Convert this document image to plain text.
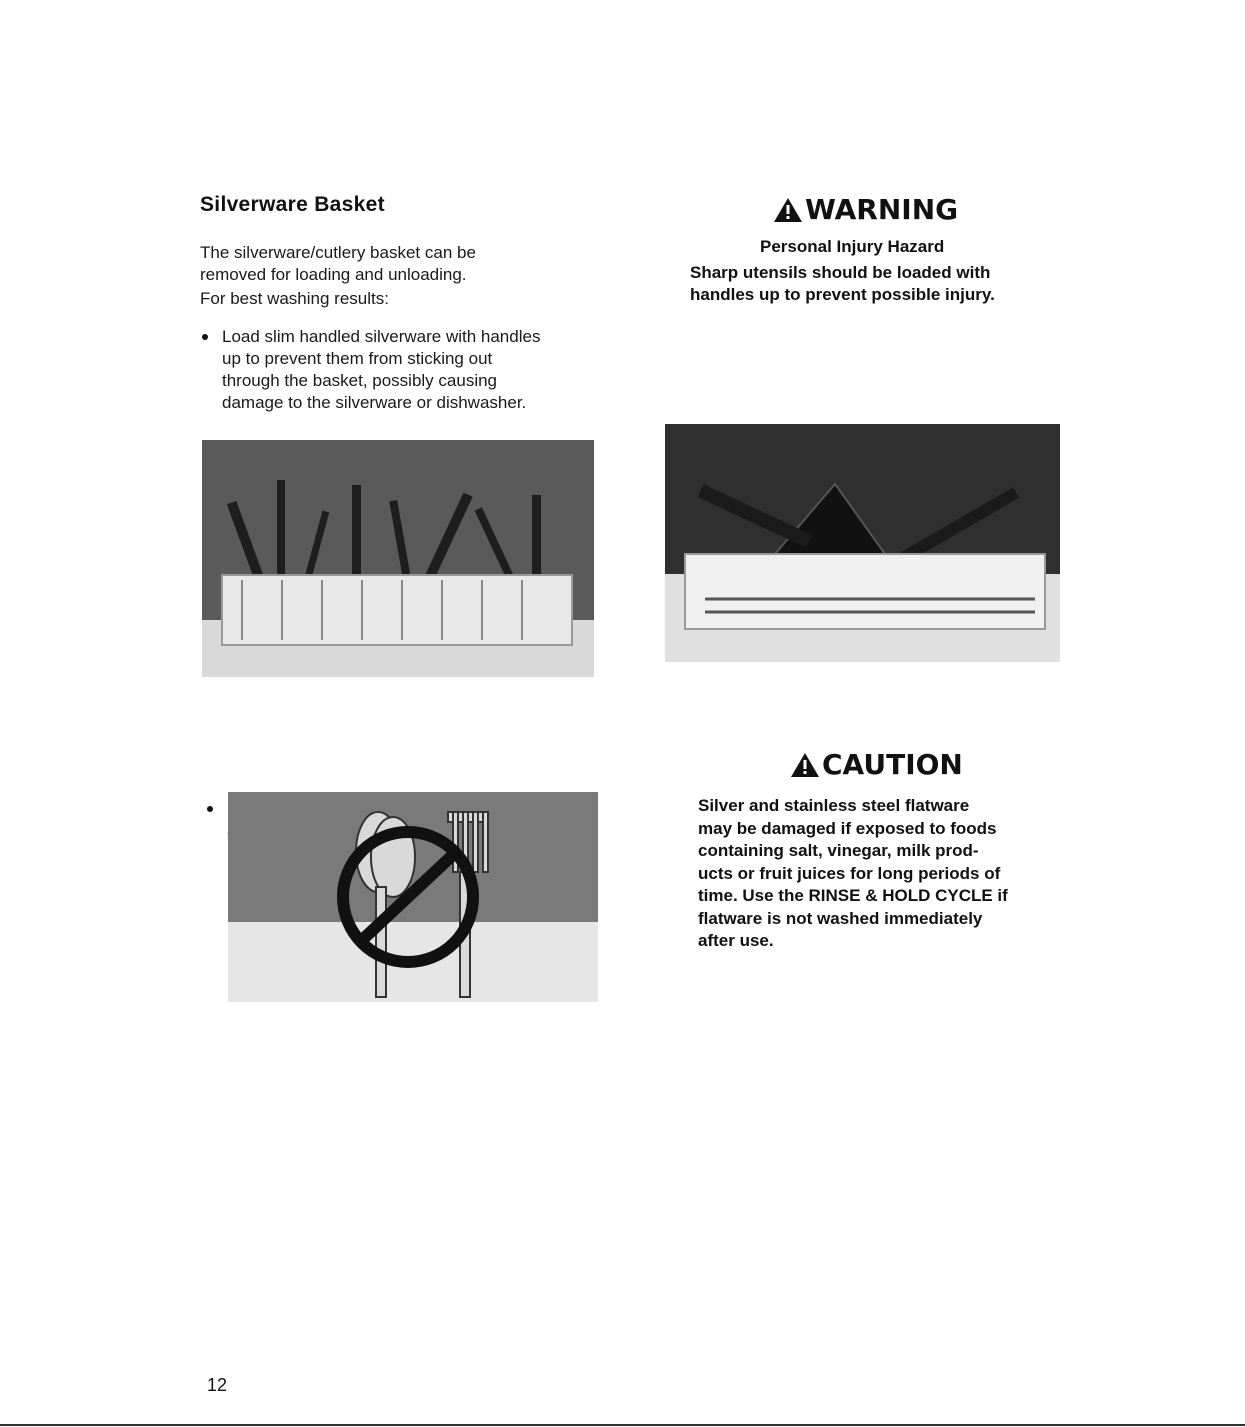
Silverware Basket
The silverware/cutlery basket can be
removed for loading and unloading.
For best washing results:
Load slim handled silverware with handles
up to prevent them from sticking out
through the basket, possibly causing
damage to the silverware or dishwasher.
WARNING
Personal Injury Hazard
Sharp utensils should be loaded with
handles up to prevent possible injury.
CAUTION
Silver and stainless steel flatware
may be damaged if exposed to foods
containing salt, vinegar, milk prod-
ucts or fruit juices for long periods of
time. Use the RINSE & HOLD CYCLE if
flatware is not washed immediately
after use.
12
